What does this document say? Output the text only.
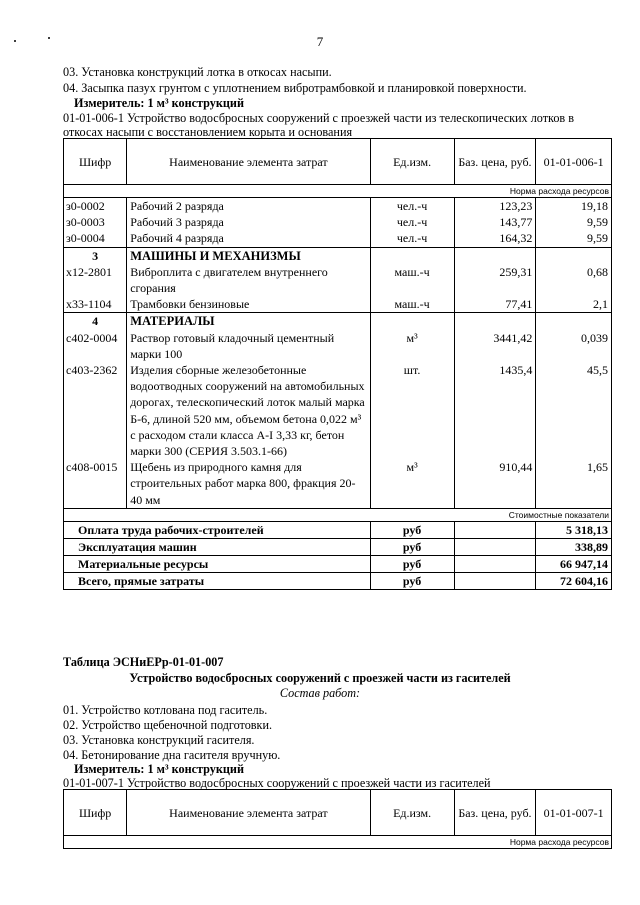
7
03. Установка конструкций лотка в откосах насыпи.
04. Засыпка пазух грунтом с уплотнением вибротрамбовкой и планировкой поверхности.
Измеритель: 1 м³ конструкций
01-01-006-1 Устройство водосбросных сооружений с проезжей части из телескопических лотков в
откосах насыпи с восстановлением корыта и основания
Шифр	Наименование элемента затрат	Ед.изм.	Баз. цена, руб.	01-01-006-1
Норма расхода ресурсов				
з0-0002	Рабочий 2 разряда	чел.-ч	123,23	19,18
з0-0003	Рабочий 3 разряда	чел.-ч	143,77	9,59
з0-0004	Рабочий 4 разряда	чел.-ч	164,32	9,59
3	МАШИНЫ И МЕХАНИЗМЫ			
х12-2801	Виброплита с двигателем внутреннего сгорания	маш.-ч	259,31	0,68
х33-1104	Трамбовки бензиновые	маш.-ч	77,41	2,1
4	МАТЕРИАЛЫ			
с402-0004	Раствор готовый кладочный цементный марки 100	м³	3441,42	0,039
с403-2362	Изделия сборные железобетонные водоотводных сооружений на автомобильных дорогах, телескопический лоток малый марка Б-6, длиной 520 мм, объемом бетона 0,022 м³ с расходом стали класса А-I 3,33 кг, бетон марки 300 (СЕРИЯ 3.503.1-66)	шт.	1435,4	45,5
с408-0015	Щебень из природного камня для строительных работ марка 800, фракция 20-40 мм	м³	910,44	1,65
Стоимостные показатели				
Оплата труда рабочих-строителей		руб		5 318,13
Эксплуатация машин		руб		338,89
Материальные ресурсы		руб		66 947,14
Всего, прямые затраты		руб		72 604,16
Таблица ЭСНиЕРр-01-01-007
Устройство водосбросных сооружений с проезжей части из гасителей
Состав работ:
01. Устройство котлована под гаситель.
02. Устройство щебеночной подготовки.
03. Установка конструкций гасителя.
04. Бетонирование дна гасителя вручную.
Измеритель: 1 м³ конструкций
01-01-007-1 Устройство водосбросных сооружений с проезжей части из гасителей
Шифр	Наименование элемента затрат	Ед.изм.	Баз. цена, руб.	01-01-007-1
Норма расхода ресурсов
